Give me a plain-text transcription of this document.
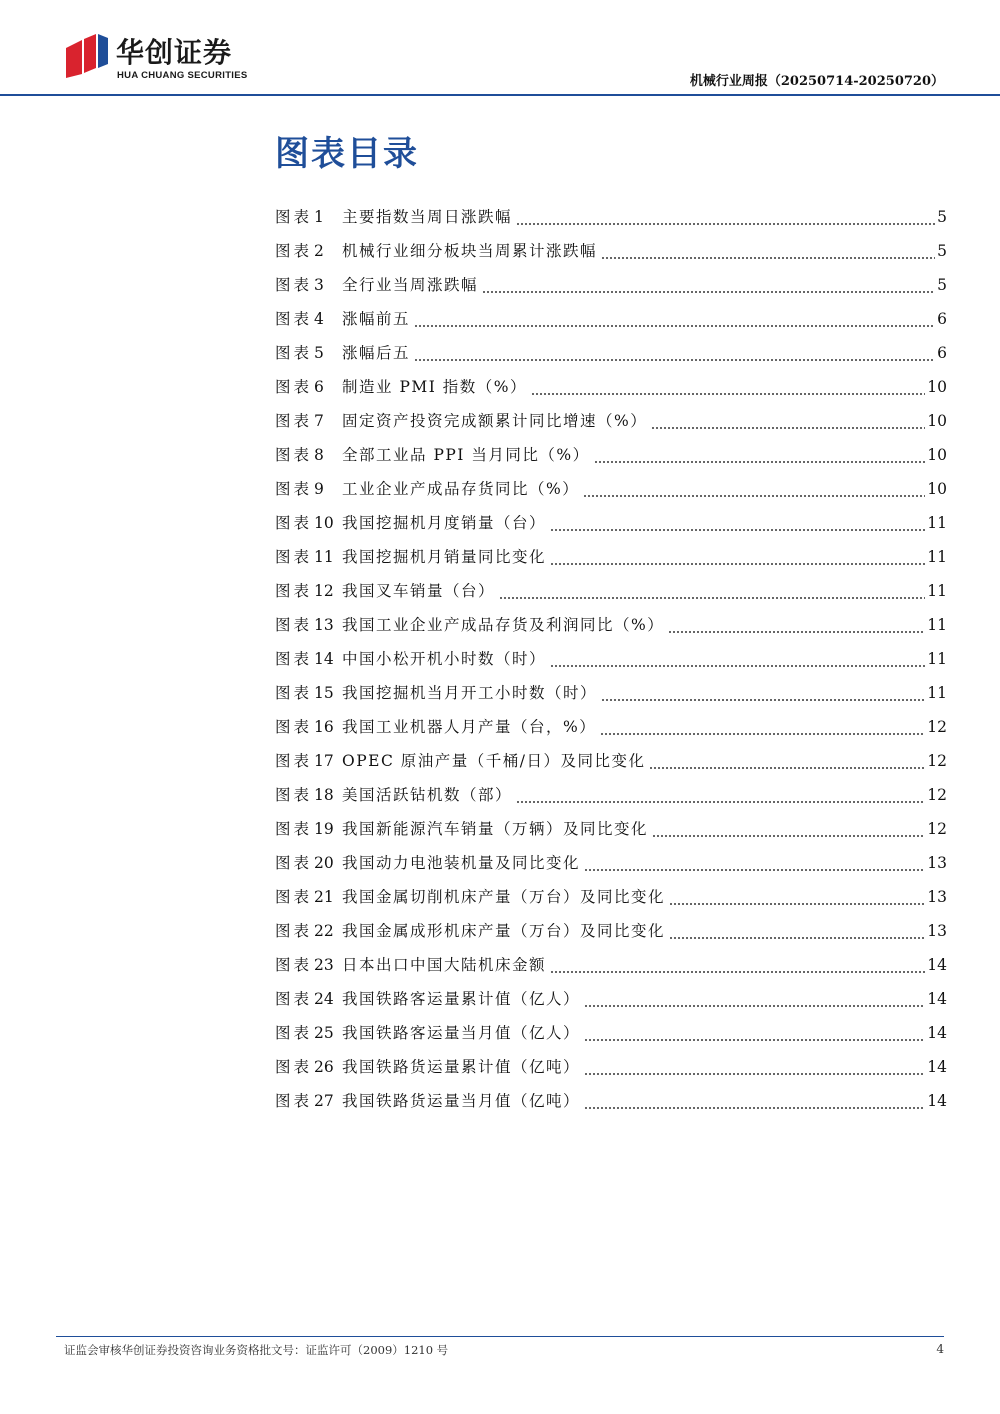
华创证券
HUA CHUANG SECURITIES	机械行业周报（20250714-20250720）
图表目录
图表 1	主要指数当周日涨跌幅	5
图表 2	机械行业细分板块当周累计涨跌幅	5
图表 3	全行业当周涨跌幅	5
图表 4	涨幅前五	6
图表 5	涨幅后五	6
图表 6	制造业 PMI 指数（%）	10
图表 7	固定资产投资完成额累计同比增速（%）	10
图表 8	全部工业品 PPI 当月同比（%）	10
图表 9	工业企业产成品存货同比（%）	10
图表 10 我国挖掘机月度销量（台）	11
图表 11 我国挖掘机月销量同比变化	11
图表 12 我国叉车销量（台）	11
图表 13 我国工业企业产成品存货及利润同比（%）	11
图表 14 中国小松开机小时数（时）	11
图表 15 我国挖掘机当月开工小时数（时）	11
图表 16 我国工业机器人月产量（台，%）	12
图表 17 OPEC 原油产量（千桶/日）及同比变化	12
图表 18 美国活跃钻机数（部）	12
图表 19 我国新能源汽车销量（万辆）及同比变化	12
图表 20 我国动力电池装机量及同比变化	13
图表 21 我国金属切削机床产量（万台）及同比变化	13
图表 22 我国金属成形机床产量（万台）及同比变化	13
图表 23 日本出口中国大陆机床金额	14
图表 24 我国铁路客运量累计值（亿人）	14
图表 25 我国铁路客运量当月值（亿人）	14
图表 26 我国铁路货运量累计值（亿吨）	14
图表 27 我国铁路货运量当月值（亿吨）	14
证监会审核华创证券投资咨询业务资格批文号：证监许可（2009）1210 号	4
